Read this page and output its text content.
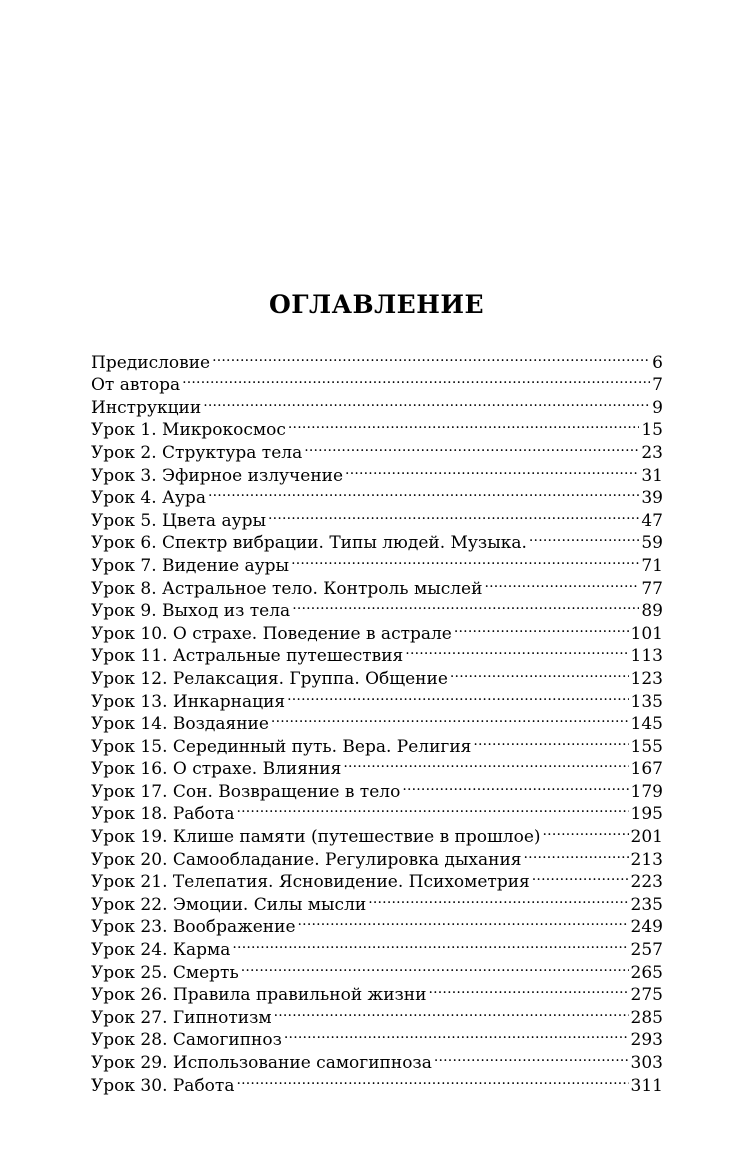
ОГЛАВЛЕНИЕ
Предисловие .....	6
От автора .....	7
Инструкции .....	9
Урок 1. Микрокосмос .....	15
Урок 2. Структура тела .....	23
Урок 3. Эфирное излучение .....	31
Урок 4. Аура .....	39
Урок 5. Цвета ауры .....	47
Урок 6. Спектр вибрации. Типы людей. Музыка. .....	59
Урок 7. Видение ауры .....	71
Урок 8. Астральное тело. Контроль мыслей .....	77
Урок 9. Выход из тела .....	89
Урок 10. О страхе. Поведение в астрале .....	101
Урок 11. Астральные путешествия .....	113
Урок 12. Релаксация. Группа. Общение .....	123
Урок 13. Инкарнация .....	135
Урок 14. Воздаяние .....	145
Урок 15. Серединный путь. Вера. Религия .....	155
Урок 16. О страхе. Влияния .....	167
Урок 17. Сон. Возвращение в тело .....	179
Урок 18. Работа .....	195
Урок 19. Клише памяти (путешествие в прошлое) .....	201
Урок 20. Самообладание. Регулировка дыхания .....	213
Урок 21. Телепатия. Ясновидение. Психометрия .....	223
Урок 22. Эмоции. Силы мысли .....	235
Урок 23. Воображение .....	249
Урок 24. Карма .....	257
Урок 25. Смерть .....	265
Урок 26. Правила правильной жизни .....	275
Урок 27. Гипнотизм .....	285
Урок 28. Самогипноз .....	293
Урок 29. Использование самогипноза .....	303
Урок 30. Работа .....	311
